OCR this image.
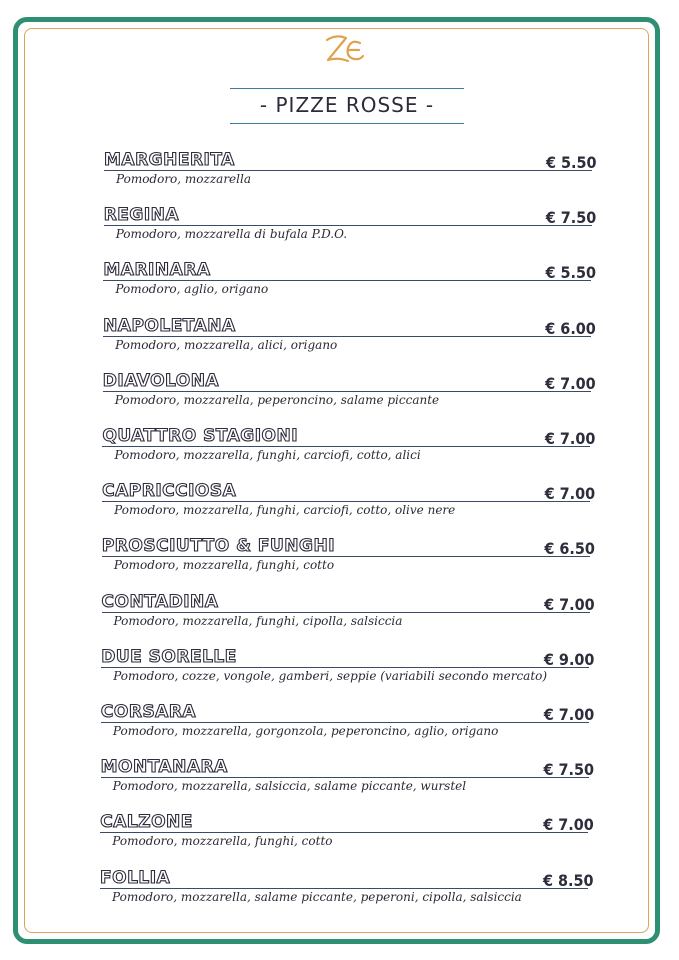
- PIZZE ROSSE -
MARGHERITA	€ 5.50
Pomodoro, mozzarella
REGINA	€ 7.50
Pomodoro, mozzarella di bufala P.D.O.
MARINARA	€ 5.50
Pomodoro, aglio, origano
NAPOLETANA	€ 6.00
Pomodoro, mozzarella, alici, origano
DIAVOLONA	€ 7.00
Pomodoro, mozzarella, peperoncino, salame piccante
QUATTRO STAGIONI	€ 7.00
Pomodoro, mozzarella, funghi, carciofi, cotto, alici
CAPRICCIOSA	€ 7.00
Pomodoro, mozzarella, funghi, carciofi, cotto, olive nere
PROSCIUTTO & FUNGHI	€ 6.50
Pomodoro, mozzarella, funghi, cotto
CONTADINA	€ 7.00
Pomodoro, mozzarella, funghi, cipolla, salsiccia
DUE SORELLE	€ 9.00
Pomodoro, cozze, vongole, gamberi, seppie (variabili secondo mercato)
CORSARA	€ 7.00
Pomodoro, mozzarella, gorgonzola, peperoncino, aglio, origano
MONTANARA	€ 7.50
Pomodoro, mozzarella, salsiccia, salame piccante, wurstel
CALZONE	€ 7.00
Pomodoro, mozzarella, funghi, cotto
FOLLIA	€ 8.50
Pomodoro, mozzarella, salame piccante, peperoni, cipolla, salsiccia
